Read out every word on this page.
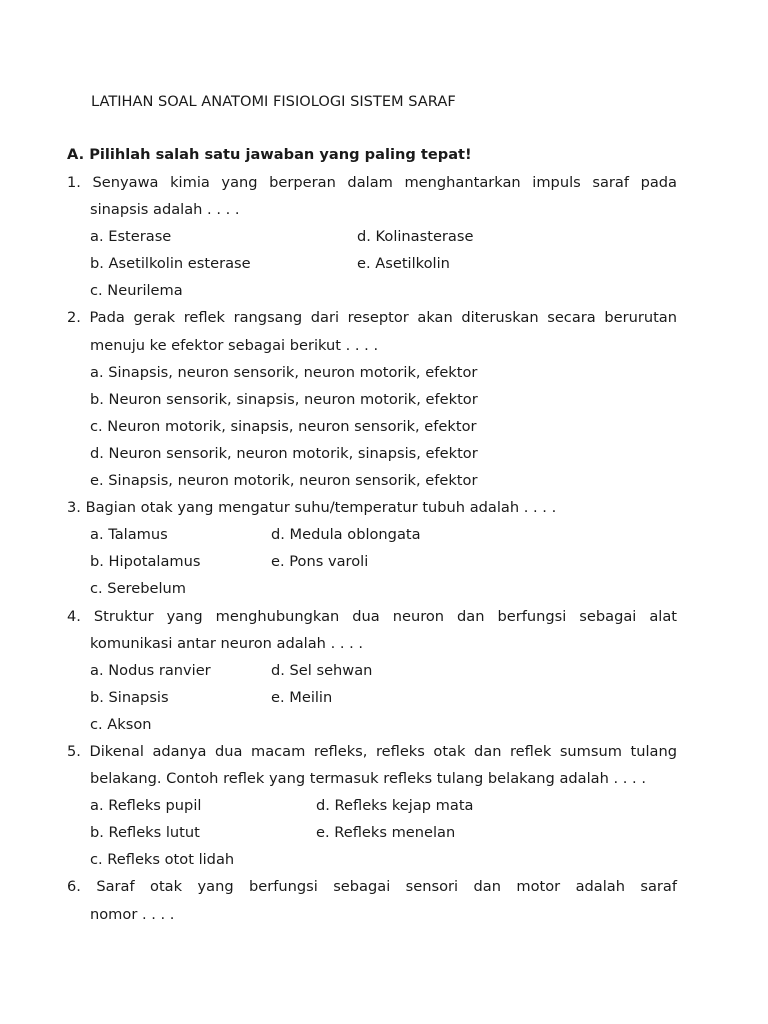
LATIHAN SOAL ANATOMI FISIOLOGI SISTEM SARAF
A. Pilihlah salah satu jawaban yang paling tepat!
1. Senyawa kimia yang berperan dalam menghantarkan impuls saraf pada
sinapsis adalah . . . .
a. Esterase	d. Kolinasterase
b. Asetilkolin esterase	e. Asetilkolin
c. Neurilema
2. Pada gerak reflek rangsang dari reseptor akan diteruskan secara berurutan
menuju ke efektor sebagai berikut . . . .
a. Sinapsis, neuron sensorik, neuron motorik, efektor
b. Neuron sensorik, sinapsis, neuron motorik, efektor
c. Neuron motorik, sinapsis, neuron sensorik, efektor
d. Neuron sensorik, neuron motorik, sinapsis, efektor
e. Sinapsis, neuron motorik, neuron sensorik, efektor
3. Bagian otak yang mengatur suhu/temperatur tubuh adalah . . . .
a. Talamus	d. Medula oblongata
b. Hipotalamus	e. Pons varoli
c. Serebelum
4. Struktur yang menghubungkan dua neuron dan berfungsi sebagai alat
komunikasi antar neuron adalah . . . .
a. Nodus ranvier	d. Sel sehwan
b. Sinapsis	e. Meilin
c. Akson
5. Dikenal adanya dua macam refleks, refleks otak dan reflek sumsum tulang
belakang. Contoh reflek yang termasuk refleks tulang belakang adalah . . . .
a. Refleks pupil	d. Refleks kejap mata
b. Refleks lutut	e. Refleks menelan
c. Refleks otot lidah
6. Saraf otak yang berfungsi sebagai sensori dan motor adalah saraf
nomor . . . .
